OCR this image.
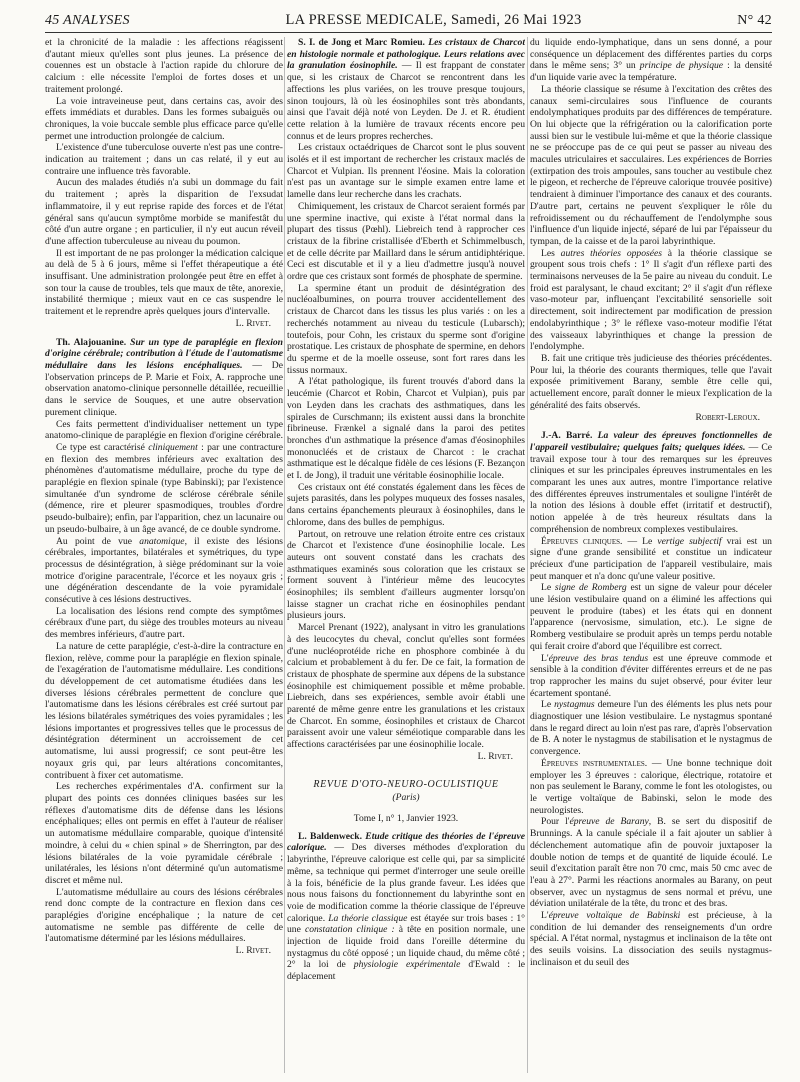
45 ANALYSES	LA PRESSE MEDICALE, Samedi, 26 Mai 1923	N° 42

et la chronicité de la maladie : les affections réagissent d'autant mieux qu'elles sont plus jeunes. La présence de couennes est un obstacle à l'action rapide du chlorure de calcium : elle nécessite l'emploi de fortes doses et un traitement prolongé.

La voie intraveineuse peut, dans certains cas, avoir des effets immédiats et durables. Dans les formes subaiguës ou chroniques, la voie buccale semble plus efficace parce qu'elle permet une introduction prolongée de calcium.

L'existence d'une tuberculose ouverte n'est pas une contre-indication au traitement ; dans un cas relaté, il y eut au contraire une influence très favorable.

Aucun des malades étudiés n'a subi un dommage du fait du traitement ; après la disparition de l'exsudat inflammatoire, il y eut reprise rapide des forces et de l'état général sans qu'aucun symptôme morbide se manifestât du côté d'un autre organe ; en particulier, il n'y eut aucun réveil d'une affection tuberculeuse au niveau du poumon.

Il est important de ne pas prolonger la médication calcique au delà de 5 à 6 jours, même si l'effet thérapeutique a été insuffisant. Une administration prolongée peut être en effet à son tour la cause de troubles, tels que maux de tête, anorexie, instabilité thermique ; mieux vaut en ce cas suspendre le traitement et le reprendre après quelques jours d'intervalle.

L. Rivet.

Th. Alajouanine. Sur un type de paraplégie en flexion d'origine cérébrale; contribution à l'étude de l'automatisme médullaire dans les lésions encéphaliques. — De l'observation princeps de P. Marie et Foix, A. rapproche une observation anatomo-clinique personnelle détaillée, recueillie dans le service de Souques, et une autre observation purement clinique.

Ces faits permettent d'individualiser nettement un type anatomo-clinique de paraplégie en flexion d'origine cérébrale.

Ce type est caractérisé cliniquement : par une contracture en flexion des membres inférieurs avec exaltation des phénomènes d'automatisme médullaire, proche du type de paraplégie en flexion spinale (type Babinski); par l'existence simultanée d'un syndrome de sclérose cérébrale sénile (démence, rire et pleurer spasmodiques, troubles d'ordre pseudo-bulbaire); enfin, par l'apparition, chez un lacunaire ou un pseudo-bulbaire, à un âge avancé, de ce double syndrome.

Au point de vue anatomique, il existe des lésions cérébrales, importantes, bilatérales et symétriques, du type processus de désintégration, à siège prédominant sur la voie motrice d'origine paracentrale, l'écorce et les noyaux gris ; une dégénération descendante de la voie pyramidale consécutive à ces lésions destructives.

La localisation des lésions rend compte des symptômes cérébraux d'une part, du siège des troubles moteurs au niveau des membres inférieurs, d'autre part.

La nature de cette paraplégie, c'est-à-dire la contracture en flexion, relève, comme pour la paraplégie en flexion spinale, de l'exagération de l'automatisme médullaire. Les conditions du développement de cet automatisme étudiées dans les diverses lésions cérébrales permettent de conclure que l'automatisme dans les lésions cérébrales est créé surtout par les lésions bilatérales symétriques des voies pyramidales ; les lésions importantes et progressives telles que le processus de désintégration déterminent un accroissement de cet automatisme, lui aussi progressif; ce sont peut-être les noyaux gris qui, par leurs altérations concomitantes, contribuent à fixer cet automatisme.

Les recherches expérimentales d'A. confirment sur la plupart des points ces données cliniques basées sur les réflexes d'automatisme dits de défense dans les lésions encéphaliques; elles ont permis en effet à l'auteur de réaliser un automatisme médullaire comparable, quoique d'intensité moindre, à celui du « chien spinal » de Sherrington, par des lésions bilatérales de la voie pyramidale cérébrale ; unilatérales, les lésions n'ont déterminé qu'un automatisme discret et même nul.

L'automatisme médullaire au cours des lésions cérébrales rend donc compte de la contracture en flexion dans ces paraplégies d'origine encéphalique ; la nature de cet automatisme ne semble pas différente de celle de l'automatisme déterminé par les lésions médullaires.

L. Rivet.

S. I. de Jong et Marc Romieu. Les cristaux de Charcot en histologie normale et pathologique. Leurs relations avec la granulation éosinophile. — Il est frappant de constater que, si les cristaux de Charcot se rencontrent dans les affections les plus variées, on les trouve presque toujours, sinon toujours, là où les éosinophiles sont très abondants, ainsi que l'avait déjà noté von Leyden. De J. et R. étudient cette relation à la lumière de travaux récents encore peu connus et de leurs propres recherches.

Les cristaux octaédriques de Charcot sont le plus souvent isolés et il est important de rechercher les cristaux maclés de Charcot et Vulpian. Ils prennent l'éosine. Mais la coloration n'est pas un avantage sur le simple examen entre lame et lamelle dans leur recherche dans les crachats.

Chimiquement, les cristaux de Charcot seraient formés par une spermine inactive, qui existe à l'état normal dans la plupart des tissus (Pœhl). Liebreich tend à rapprocher ces cristaux de la fibrine cristallisée d'Eberth et Schimmelbusch, et de celle décrite par Maillard dans le sérum antidiphtérique. Ceci est discutable et il y a lieu d'admettre jusqu'à nouvel ordre que ces cristaux sont formés de phosphate de spermine.

La spermine étant un produit de désintégration des nucléoalbumines, on pourra trouver accidentellement des cristaux de Charcot dans les tissus les plus variés : on les a recherchés notamment au niveau du testicule (Lubarsch); toutefois, pour Cohn, les cristaux du sperme sont d'origine prostatique. Les cristaux de phosphate de spermine, en dehors du sperme et de la moelle osseuse, sont fort rares dans les tissus normaux.

A l'état pathologique, ils furent trouvés d'abord dans la leucémie (Charcot et Robin, Charcot et Vulpian), puis par von Leyden dans les crachats des asthmatiques, dans les spirales de Curschmann; ils existent aussi dans la bronchite fibrineuse. Frænkel a signalé dans la paroi des petites bronches d'un asthmatique la présence d'amas d'éosinophiles mononucléés et de cristaux de Charcot : le crachat asthmatique est le décalque fidèle de ces lésions (F. Bezançon et I. de Jong), il traduit une véritable éosinophilie locale.

Ces cristaux ont été constatés également dans les fèces de sujets parasités, dans les polypes muqueux des fosses nasales, dans certains épanchements pleuraux à éosinophiles, dans le chlorome, dans des bulles de pemphigus.

Partout, on retrouve une relation étroite entre ces cristaux de Charcot et l'existence d'une éosinophilie locale. Les auteurs ont souvent constaté dans les crachats des asthmatiques examinés sous coloration que les cristaux se forment souvent à l'intérieur même des leucocytes éosinophiles; ils semblent d'ailleurs augmenter lorsqu'on laisse stagner un crachat riche en éosinophiles pendant plusieurs jours.

Marcel Prenant (1922), analysant in vitro les granulations à des leucocytes du cheval, conclut qu'elles sont formées d'une nucléoprotéide riche en phosphore combinée à du calcium et probablement à du fer. De ce fait, la formation de cristaux de phosphate de spermine aux dépens de la substance éosinophile est chimiquement possible et même probable. Liebreich, dans ses expériences, semble avoir établi une parenté de même genre entre les granulations et les cristaux de Charcot. En somme, éosinophiles et cristaux de Charcot paraissent avoir une valeur séméiotique comparable dans les affections caractérisées par une éosinophilie locale.

L. Rivet.

REVUE D'OTO-NEURO-OCULISTIQUE

(Paris)

Tome I, n° 1, Janvier 1923.

L. Baldenweck. Etude critique des théories de l'épreuve calorique. — Des diverses méthodes d'exploration du labyrinthe, l'épreuve calorique est celle qui, par sa simplicité même, sa technique qui permet d'interroger une seule oreille à la fois, bénéficie de la plus grande faveur. Les idées que nous nous faisons du fonctionnement du labyrinthe sont en voie de modification comme la théorie classique de l'épreuve calorique. La théorie classique est étayée sur trois bases : 1° une constatation clinique : à tête en position normale, une injection de liquide froid dans l'oreille détermine du nystagmus du côté opposé ; un liquide chaud, du même côté ; 2° la loi de physiologie expérimentale d'Ewald : le déplacement

du liquide endo-lymphatique, dans un sens donné, a pour conséquence un déplacement des différentes parties du corps dans le même sens; 3° un principe de physique : la densité d'un liquide varie avec la température.

La théorie classique se résume à l'excitation des crêtes des canaux semi-circulaires sous l'influence de courants endolymphatiques produits par des différences de température. On lui objecte que la réfrigération ou la calorification porte aussi bien sur le vestibule lui-même et que la théorie classique ne se préoccupe pas de ce qui peut se passer au niveau des macules utriculaires et sacculaires. Les expériences de Borries (extirpation des trois ampoules, sans toucher au vestibule chez le pigeon, et recherche de l'épreuve calorique trouvée positive) tendraient à diminuer l'importance des canaux et des courants. D'autre part, certains ne peuvent s'expliquer le rôle du refroidissement ou du réchauffement de l'endolymphe sous l'influence d'un liquide injecté, séparé de lui par l'épaisseur du tympan, de la caisse et de la paroi labyrinthique.

Les autres théories opposées à la théorie classique se groupent sous trois chefs : 1° Il s'agit d'un réflexe parti des terminaisons nerveuses de la 5e paire au niveau du conduit. Le froid est paralysant, le chaud excitant; 2° il s'agit d'un réflexe vaso-moteur par, influençant l'excitabilité sensorielle soit directement, soit indirectement par modification de pression endolabyrinthique ; 3° le réflexe vaso-moteur modifie l'état des vaisseaux labyrinthiques et change la pression de l'endolymphe.

B. fait une critique très judicieuse des théories précédentes. Pour lui, la théorie des courants thermiques, telle que l'avait exposée primitivement Barany, semble être celle qui, actuellement encore, paraît donner le mieux l'explication de la généralité des faits observés.

Robert-Leroux.

J.-A. Barré. La valeur des épreuves fonctionnelles de l'appareil vestibulaire; quelques faits; quelques idées. — Ce travail expose tour à tour des remarques sur les épreuves cliniques et sur les principales épreuves instrumentales en les comparant les unes aux autres, montre l'importance relative des différentes épreuves instrumentales et souligne l'intérêt de la notion des lésions à double effet (irritatif et destructif), notion appelée à de très heureux résultats dans la compréhension de nombreux complexes vestibulaires.

Épreuves cliniques. — Le vertige subjectif vrai est un signe d'une grande sensibilité et constitue un indicateur précieux d'une participation de l'appareil vestibulaire, mais peut manquer et n'a donc qu'une valeur positive.

Le signe de Romberg est un signe de valeur pour déceler une lésion vestibulaire quand on a éliminé les affections qui peuvent le produire (tabes) et les états qui en donnent l'apparence (nervosisme, simulation, etc.). Le signe de Romberg vestibulaire se produit après un temps perdu notable qui ferait croire d'abord que l'équilibre est correct.

L'épreuve des bras tendus est une épreuve commode et sensible à la condition d'éviter différentes erreurs et de ne pas trop rapprocher les mains du sujet observé, pour éviter leur écartement spontané.

Le nystagmus demeure l'un des éléments les plus nets pour diagnostiquer une lésion vestibulaire. Le nystagmus spontané dans le regard direct au loin n'est pas rare, d'après l'observation de B. A noter le nystagmus de stabilisation et le nystagmus de convergence.

Épreuves instrumentales. — Une bonne technique doit employer les 3 épreuves : calorique, électrique, rotatoire et non pas seulement le Barany, comme le font les otologistes, ou le vertige voltaïque de Babinski, selon le mode des neurologistes.

Pour l'épreuve de Barany, B. se sert du dispositif de Brunnings. A la canule spéciale il a fait ajouter un sablier à déclenchement automatique afin de pouvoir juxtaposer la double notion de temps et de quantité de liquide écoulé. Le seuil d'excitation paraît être non 70 cmc, mais 50 cmc avec de l'eau à 27°. Parmi les réactions anormales au Barany, on peut observer, avec un nystagmus de sens normal et prévu, une déviation unilatérale de la tête, du tronc et des bras.

L'épreuve voltaïque de Babinski est précieuse, à la condition de lui demander des renseignements d'un ordre spécial. A l'état normal, nystagmus et inclinaison de la tête ont des seuils voisins. La dissociation des seuils nystagmus-inclinaison et du seuil des
